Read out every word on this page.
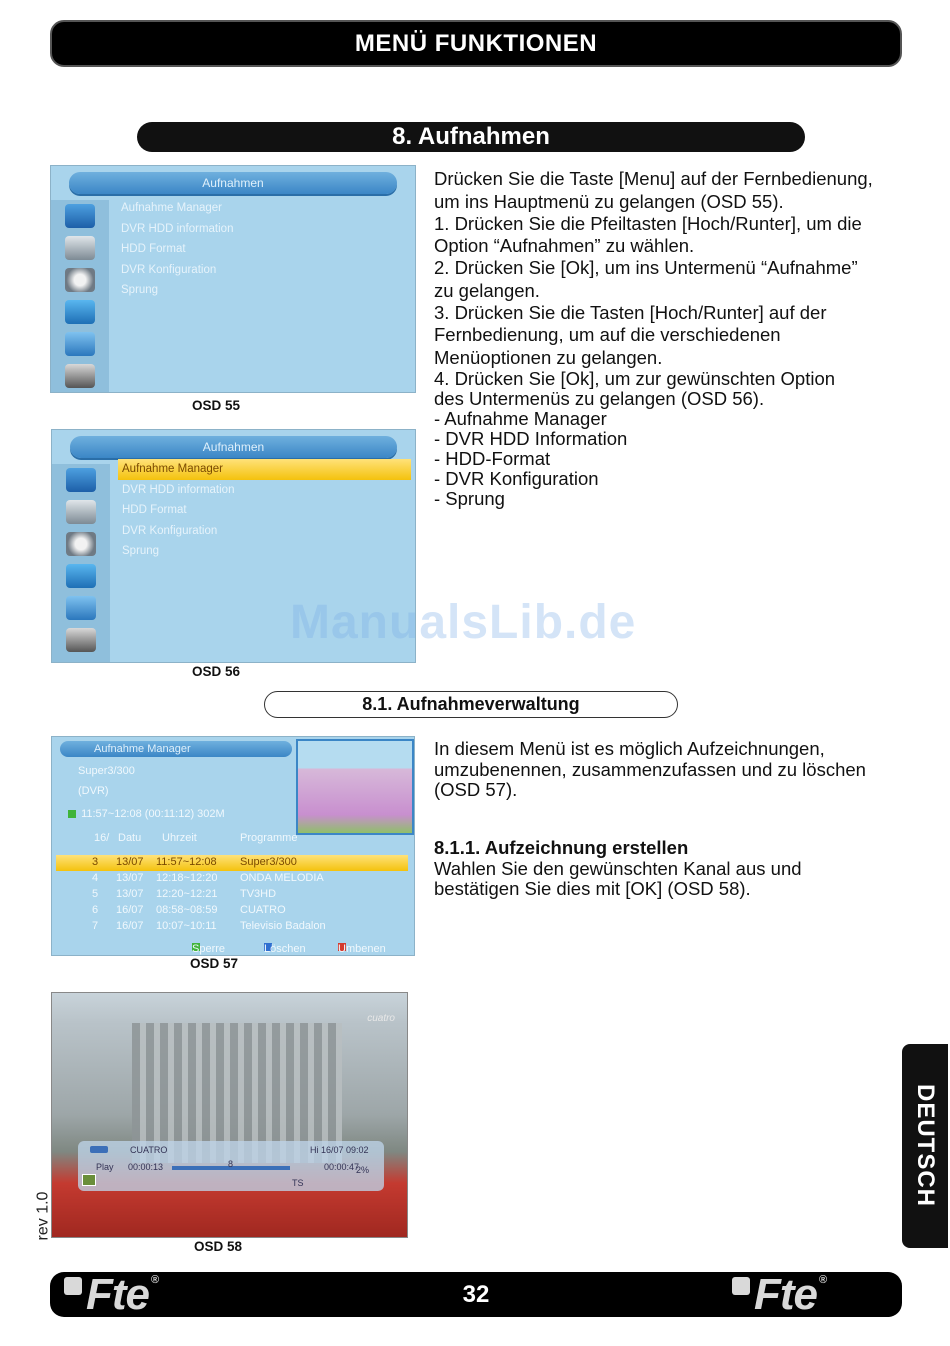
MENÜ FUNKTIONEN
8. Aufnahmen
Aufnahmen
Aufnahme Manager
DVR HDD information
HDD Format
DVR Konfiguration
Sprung
OSD 55
Aufnahmen
Aufnahme Manager
DVR HDD information
HDD Format
DVR Konfiguration
Sprung
OSD 56

Drücken Sie die Taste [Menu] auf der Fernbedienung,

um ins Hauptmenü zu gelangen (OSD 55).

1. Drücken Sie die Pfeiltasten [Hoch/Runter], um die

Option “Aufnahmen” zu wählen.

2. Drücken Sie [Ok], um ins Untermenü “Aufnahme”

zu gelangen.

3. Drücken Sie die Tasten [Hoch/Runter] auf der

Fernbedienung, um auf die verschiedenen

Menüoptionen zu gelangen.

4. Drücken Sie [Ok], um zur gewünschten Option

des Untermenüs zu gelangen (OSD 56).

- Aufnahme Manager

- DVR HDD Information

- HDD-Format

- DVR Konfiguration

- Sprung

ManualsLib.de
8.1. Aufnahmeverwaltung
Aufnahme Manager
Super3/300
(DVR)
11:57~12:08 (00:11:12) 302M
16/ Datu Uhrzeit	Programme
3 13/07 11:57~12:08 Super3/300
4 13/07 12:18~12:20 ONDA MELODIA
5 13/07 12:20~12:21 TV3HD
6 16/07 08:58~08:59 CUATRO
7 16/07 10:07~10:11 Televisio Badalon
Sperre	Löschen	Umbenen
OSD 57

In diesem Menü ist es möglich Aufzeichnungen,

umzubenennen, zusammenzufassen und zu löschen

(OSD 57).

8.1.1. Aufzeichnung erstellen

Wahlen Sie den gewünschten Kanal aus und

bestätigen Sie dies mit [OK] (OSD 58).

cuatro
CUATRO	Hi 16/07 09:02
Play 00:00:13	8	00:00:47
2%
TS
OSD 58
rev 1.0
DEUTSCH
Fte®
32	Fte®
